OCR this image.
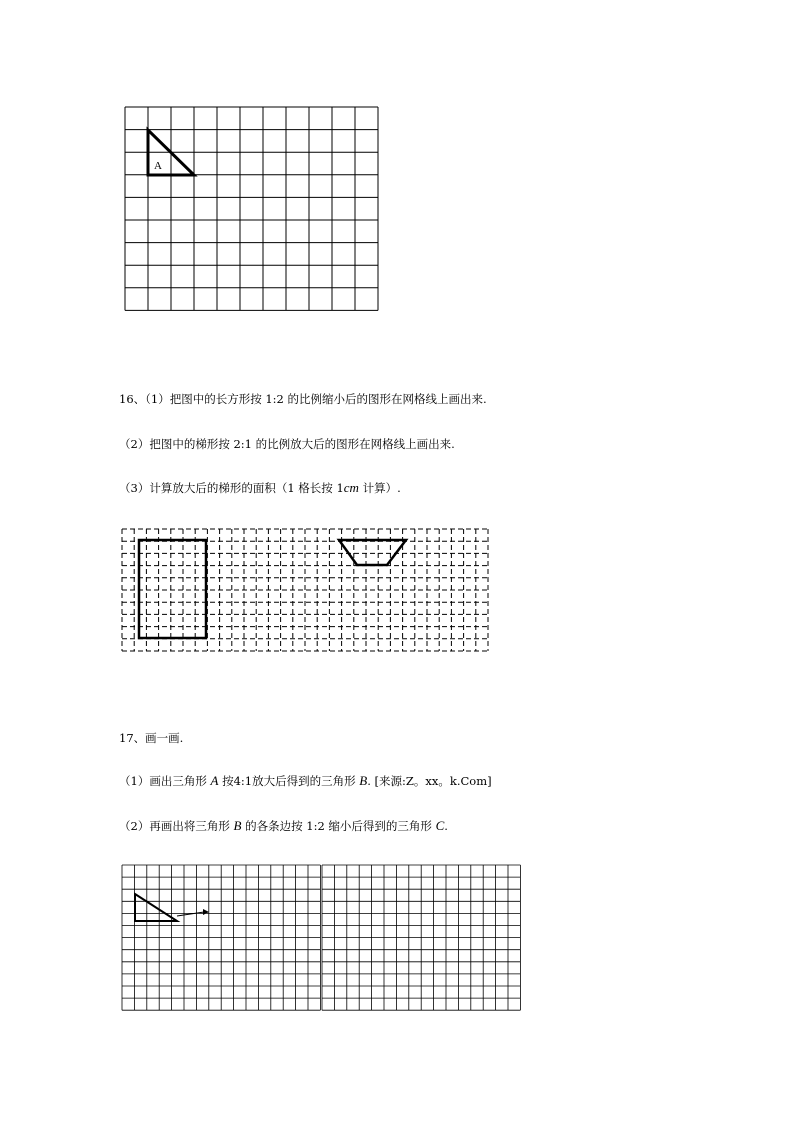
A
16、（1）把图中的长方形按 1:2 的比例缩小后的图形在网格线上画出来.
（2）把图中的梯形按 2:1 的比例放大后的图形在网格线上画出来.
（3）计算放大后的梯形的面积（1 格长按 1cm 计算）.
17、画一画.
（1）画出三角形 A 按4:1放大后得到的三角形 B. [来源:Z。xx。k.Com]
（2）再画出将三角形 B 的各条边按 1:2 缩小后得到的三角形 C.
